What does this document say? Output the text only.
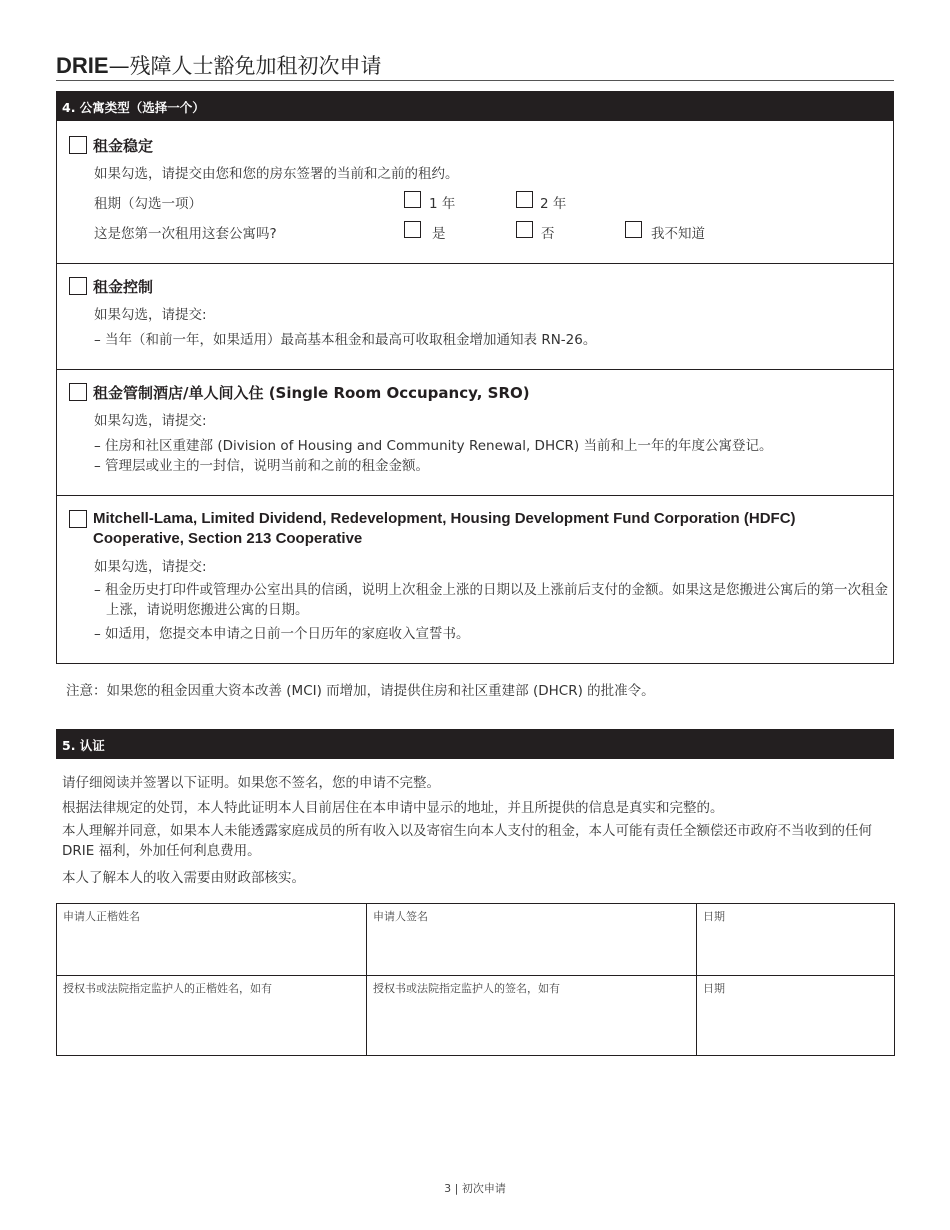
DRIE—残障人士豁免加租初次申请
4. 公寓类型（选择一个）
租金稳定
如果勾选，请提交由您和您的房东签署的当前和之前的租约。
租期（勾选一项）	1 年	2 年
这是您第一次租用这套公寓吗?	是	否	我不知道
租金控制
如果勾选，请提交:
– 当年（和前一年，如果适用）最高基本租金和最高可收取租金增加通知表 RN-26。
租金管制酒店/单人间入住 (Single Room Occupancy, SRO)
如果勾选，请提交:
– 住房和社区重建部 (Division of Housing and Community Renewal, DHCR) 当前和上一年的年度公寓登记。
– 管理层或业主的一封信，说明当前和之前的租金金额。
Mitchell-Lama, Limited Dividend, Redevelopment, Housing Development Fund Corporation (HDFC) Cooperative, Section 213 Cooperative
如果勾选，请提交:
– 租金历史打印件或管理办公室出具的信函，说明上次租金上涨的日期以及上涨前后支付的金额。如果这是您搬进公寓后的第一次租金上涨，请说明您搬进公寓的日期。
– 如适用，您提交本申请之日前一个日历年的家庭收入宣誓书。
注意：如果您的租金因重大资本改善 (MCI) 而增加，请提供住房和社区重建部 (DHCR) 的批准令。
5. 认证
请仔细阅读并签署以下证明。如果您不签名，您的申请不完整。
根据法律规定的处罚，本人特此证明本人目前居住在本申请中显示的地址，并且所提供的信息是真实和完整的。
本人理解并同意，如果本人未能透露家庭成员的所有收入以及寄宿生向本人支付的租金，本人可能有责任全额偿还市政府不当收到的任何 DRIE 福利，外加任何利息费用。
本人了解本人的收入需要由财政部核实。
申请人正楷姓名	申请人签名	日期
授权书或法院指定监护人的正楷姓名，如有	授权书或法院指定监护人的签名，如有	日期
3 | 初次申请
